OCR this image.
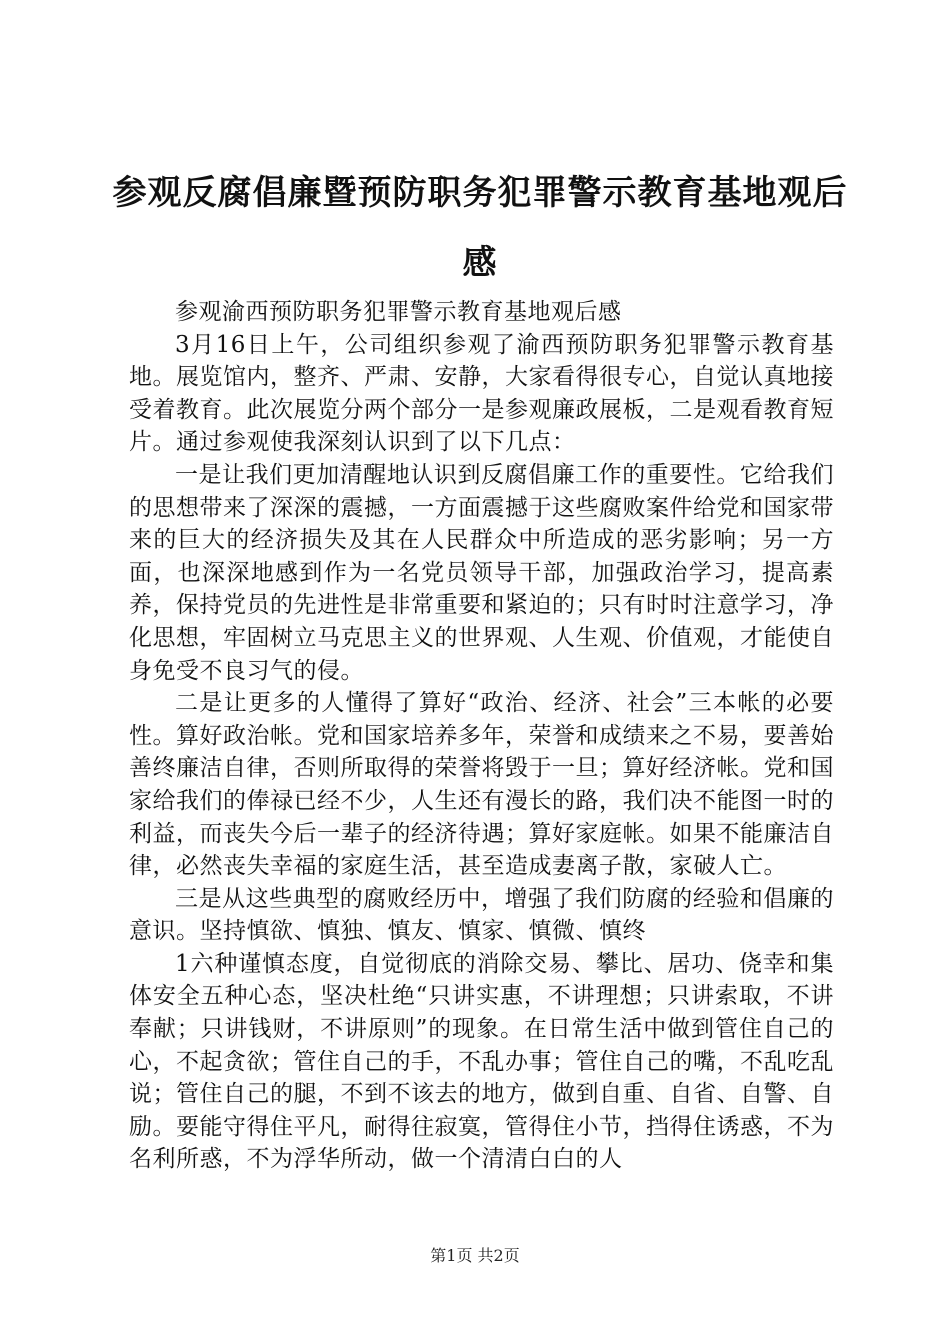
参观反腐倡廉暨预防职务犯罪警示教育基地观后感

参观渝西预防职务犯罪警示教育基地观后感

3月16日上午，公司组织参观了渝西预防职务犯罪警示教育基地。展览馆内，整齐、严肃、安静，大家看得很专心，自觉认真地接受着教育。此次展览分两个部分一是参观廉政展板，二是观看教育短片。通过参观使我深刻认识到了以下几点：

一是让我们更加清醒地认识到反腐倡廉工作的重要性。它给我们的思想带来了深深的震撼，一方面震撼于这些腐败案件给党和国家带来的巨大的经济损失及其在人民群众中所造成的恶劣影响；另一方面，也深深地感到作为一名党员领导干部，加强政治学习，提高素养，保持党员的先进性是非常重要和紧迫的；只有时时注意学习，净化思想，牢固树立马克思主义的世界观、人生观、价值观，才能使自身免受不良习气的侵。

二是让更多的人懂得了算好“政治、经济、社会”三本帐的必要性。算好政治帐。党和国家培养多年，荣誉和成绩来之不易，要善始善终廉洁自律，否则所取得的荣誉将毁于一旦；算好经济帐。党和国家给我们的俸禄已经不少，人生还有漫长的路，我们决不能图一时的利益，而丧失今后一辈子的经济待遇；算好家庭帐。如果不能廉洁自律，必然丧失幸福的家庭生活，甚至造成妻离子散，家破人亡。

三是从这些典型的腐败经历中，增强了我们防腐的经验和倡廉的意识。坚持慎欲、慎独、慎友、慎家、慎微、慎终

1六种谨慎态度，自觉彻底的消除交易、攀比、居功、侥幸和集体安全五种心态，坚决杜绝“只讲实惠，不讲理想；只讲索取，不讲奉献；只讲钱财，不讲原则”的现象。在日常生活中做到管住自己的心，不起贪欲；管住自己的手，不乱办事；管住自己的嘴，不乱吃乱说；管住自己的腿，不到不该去的地方，做到自重、自省、自警、自励。要能守得住平凡，耐得往寂寞，管得住小节，挡得住诱惑，不为名利所惑，不为浮华所动，做一个清清白白的人

第1页 共2页
